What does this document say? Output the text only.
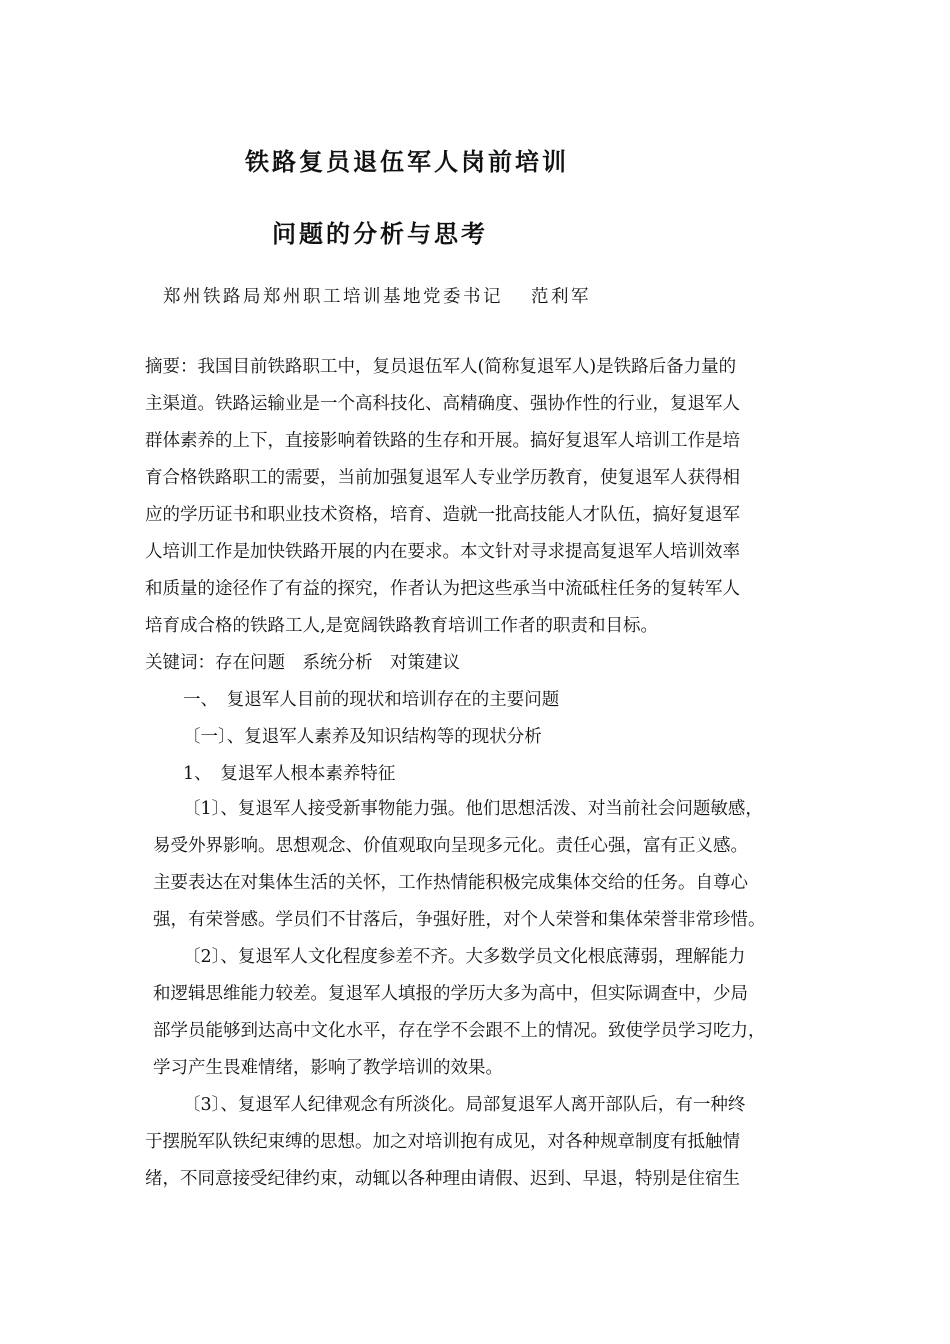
铁路复员退伍军人岗前培训
问题的分析与思考
郑州铁路局郑州职工培训基地党委书记 范利军
摘要：我国目前铁路职工中，复员退伍军人(简称复退军人)是铁路后备力量的
主渠道。铁路运输业是一个高科技化、高精确度、强协作性的行业，复退军人
群体素养的上下，直接影响着铁路的生存和开展。搞好复退军人培训工作是培
育合格铁路职工的需要，当前加强复退军人专业学历教育，使复退军人获得相
应的学历证书和职业技术资格，培育、造就一批高技能人才队伍，搞好复退军
人培训工作是加快铁路开展的内在要求。本文针对寻求提高复退军人培训效率
和质量的途径作了有益的探究，作者认为把这些承当中流砥柱任务的复转军人
培育成合格的铁路工人,是宽阔铁路教育培训工作者的职责和目标。
关键词：存在问题　系统分析　对策建议
一、　复退军人目前的现状和培训存在的主要问题
〔一〕、复退军人素养及知识结构等的现状分析
1、　复退军人根本素养特征
〔1〕、复退军人接受新事物能力强。他们思想活泼、对当前社会问题敏感，
易受外界影响。思想观念、价值观取向呈现多元化。责任心强，富有正义感。
主要表达在对集体生活的关怀，工作热情能积极完成集体交给的任务。自尊心
强，有荣誉感。学员们不甘落后，争强好胜，对个人荣誉和集体荣誉非常珍惜。
〔2〕、复退军人文化程度参差不齐。大多数学员文化根底薄弱，理解能力
和逻辑思维能力较差。复退军人填报的学历大多为高中，但实际调查中，少局
部学员能够到达高中文化水平，存在学不会跟不上的情况。致使学员学习吃力，
学习产生畏难情绪，影响了教学培训的效果。
〔3〕、复退军人纪律观念有所淡化。局部复退军人离开部队后，有一种终
于摆脱军队铁纪束缚的思想。加之对培训抱有成见，对各种规章制度有抵触情
绪，不同意接受纪律约束，动辄以各种理由请假、迟到、早退，特别是住宿生
